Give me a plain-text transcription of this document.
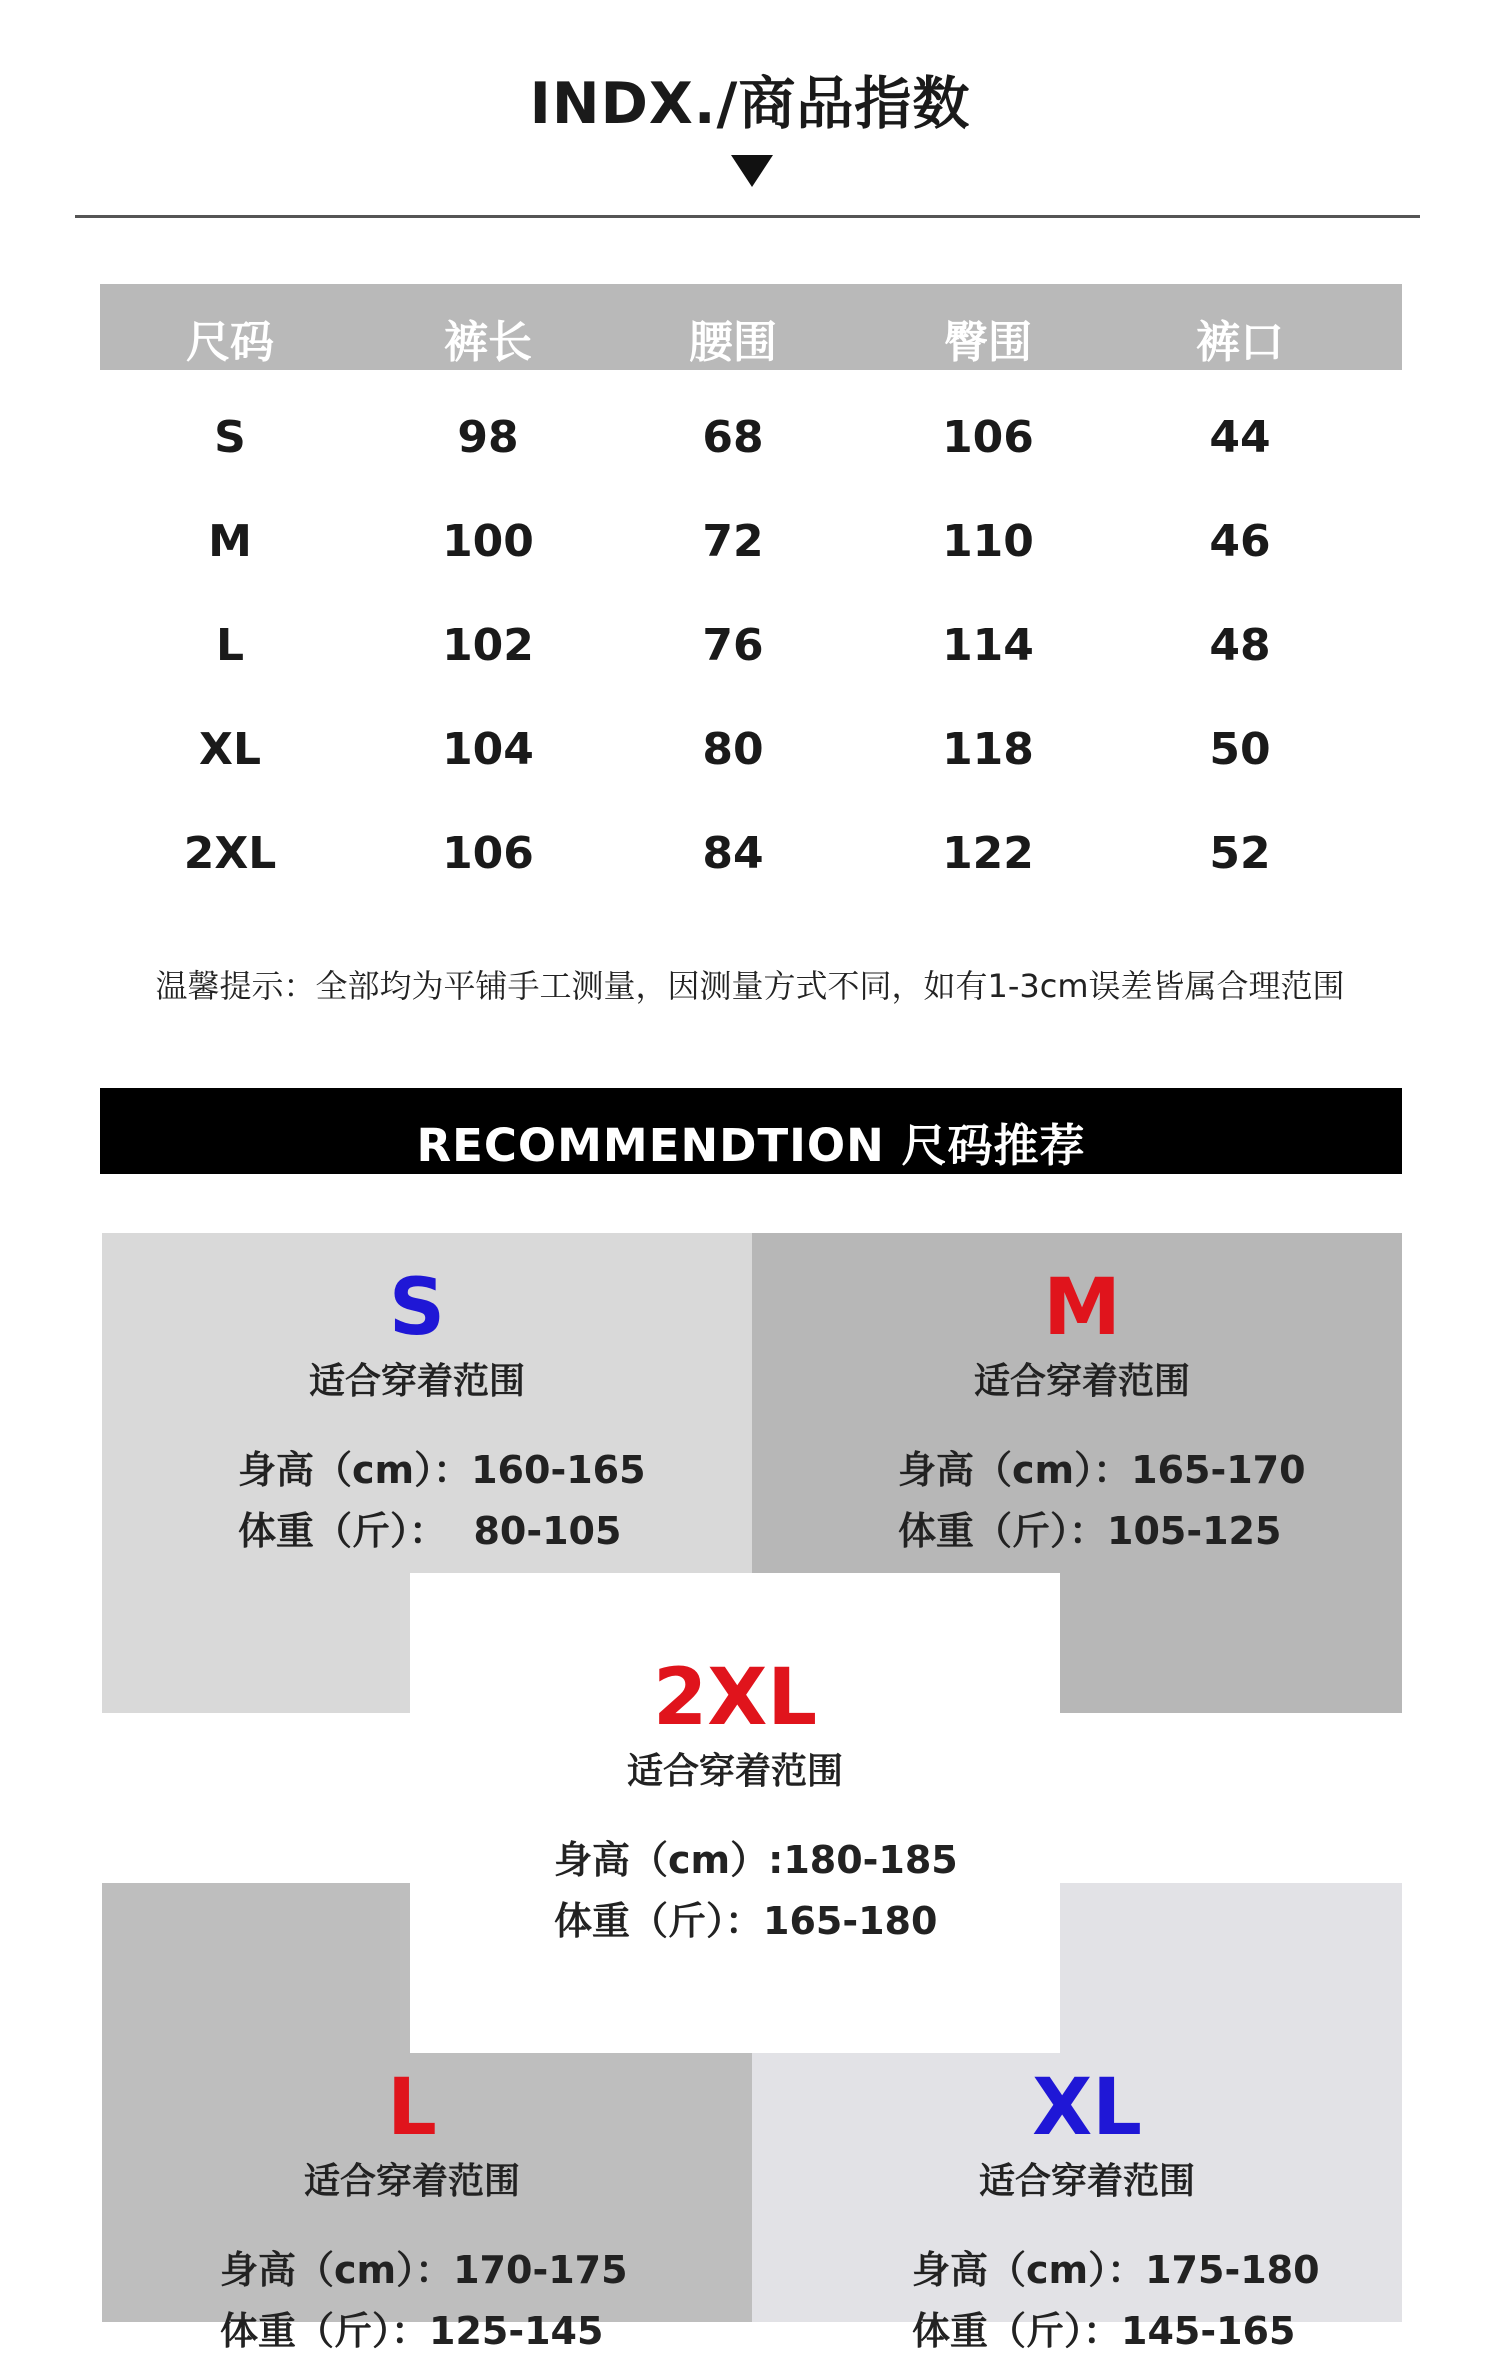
INDX./商品指数
尺码	裤长	腰围	臀围	裤口
S	98	68	106	44
M	100	72	110	46
L	102	76	114	48
XL	104	80	118	50
2XL	106	84	122	52
温馨提示：全部均为平铺手工测量，因测量方式不同，如有1-3cm误差皆属合理范围
RECOMMENDTION 尺码推荐
S
适合穿着范围
身高（cm）：160-165
体重（斤）：  80-105
M
适合穿着范围
身高（cm）：165-170
体重（斤）：105-125
L
适合穿着范围
身高（cm）：170-175
体重（斤）：125-145
XL
适合穿着范围
身高（cm）：175-180
体重（斤）：145-165
2XL
适合穿着范围
身高（cm）:180-185
体重（斤）：165-180
